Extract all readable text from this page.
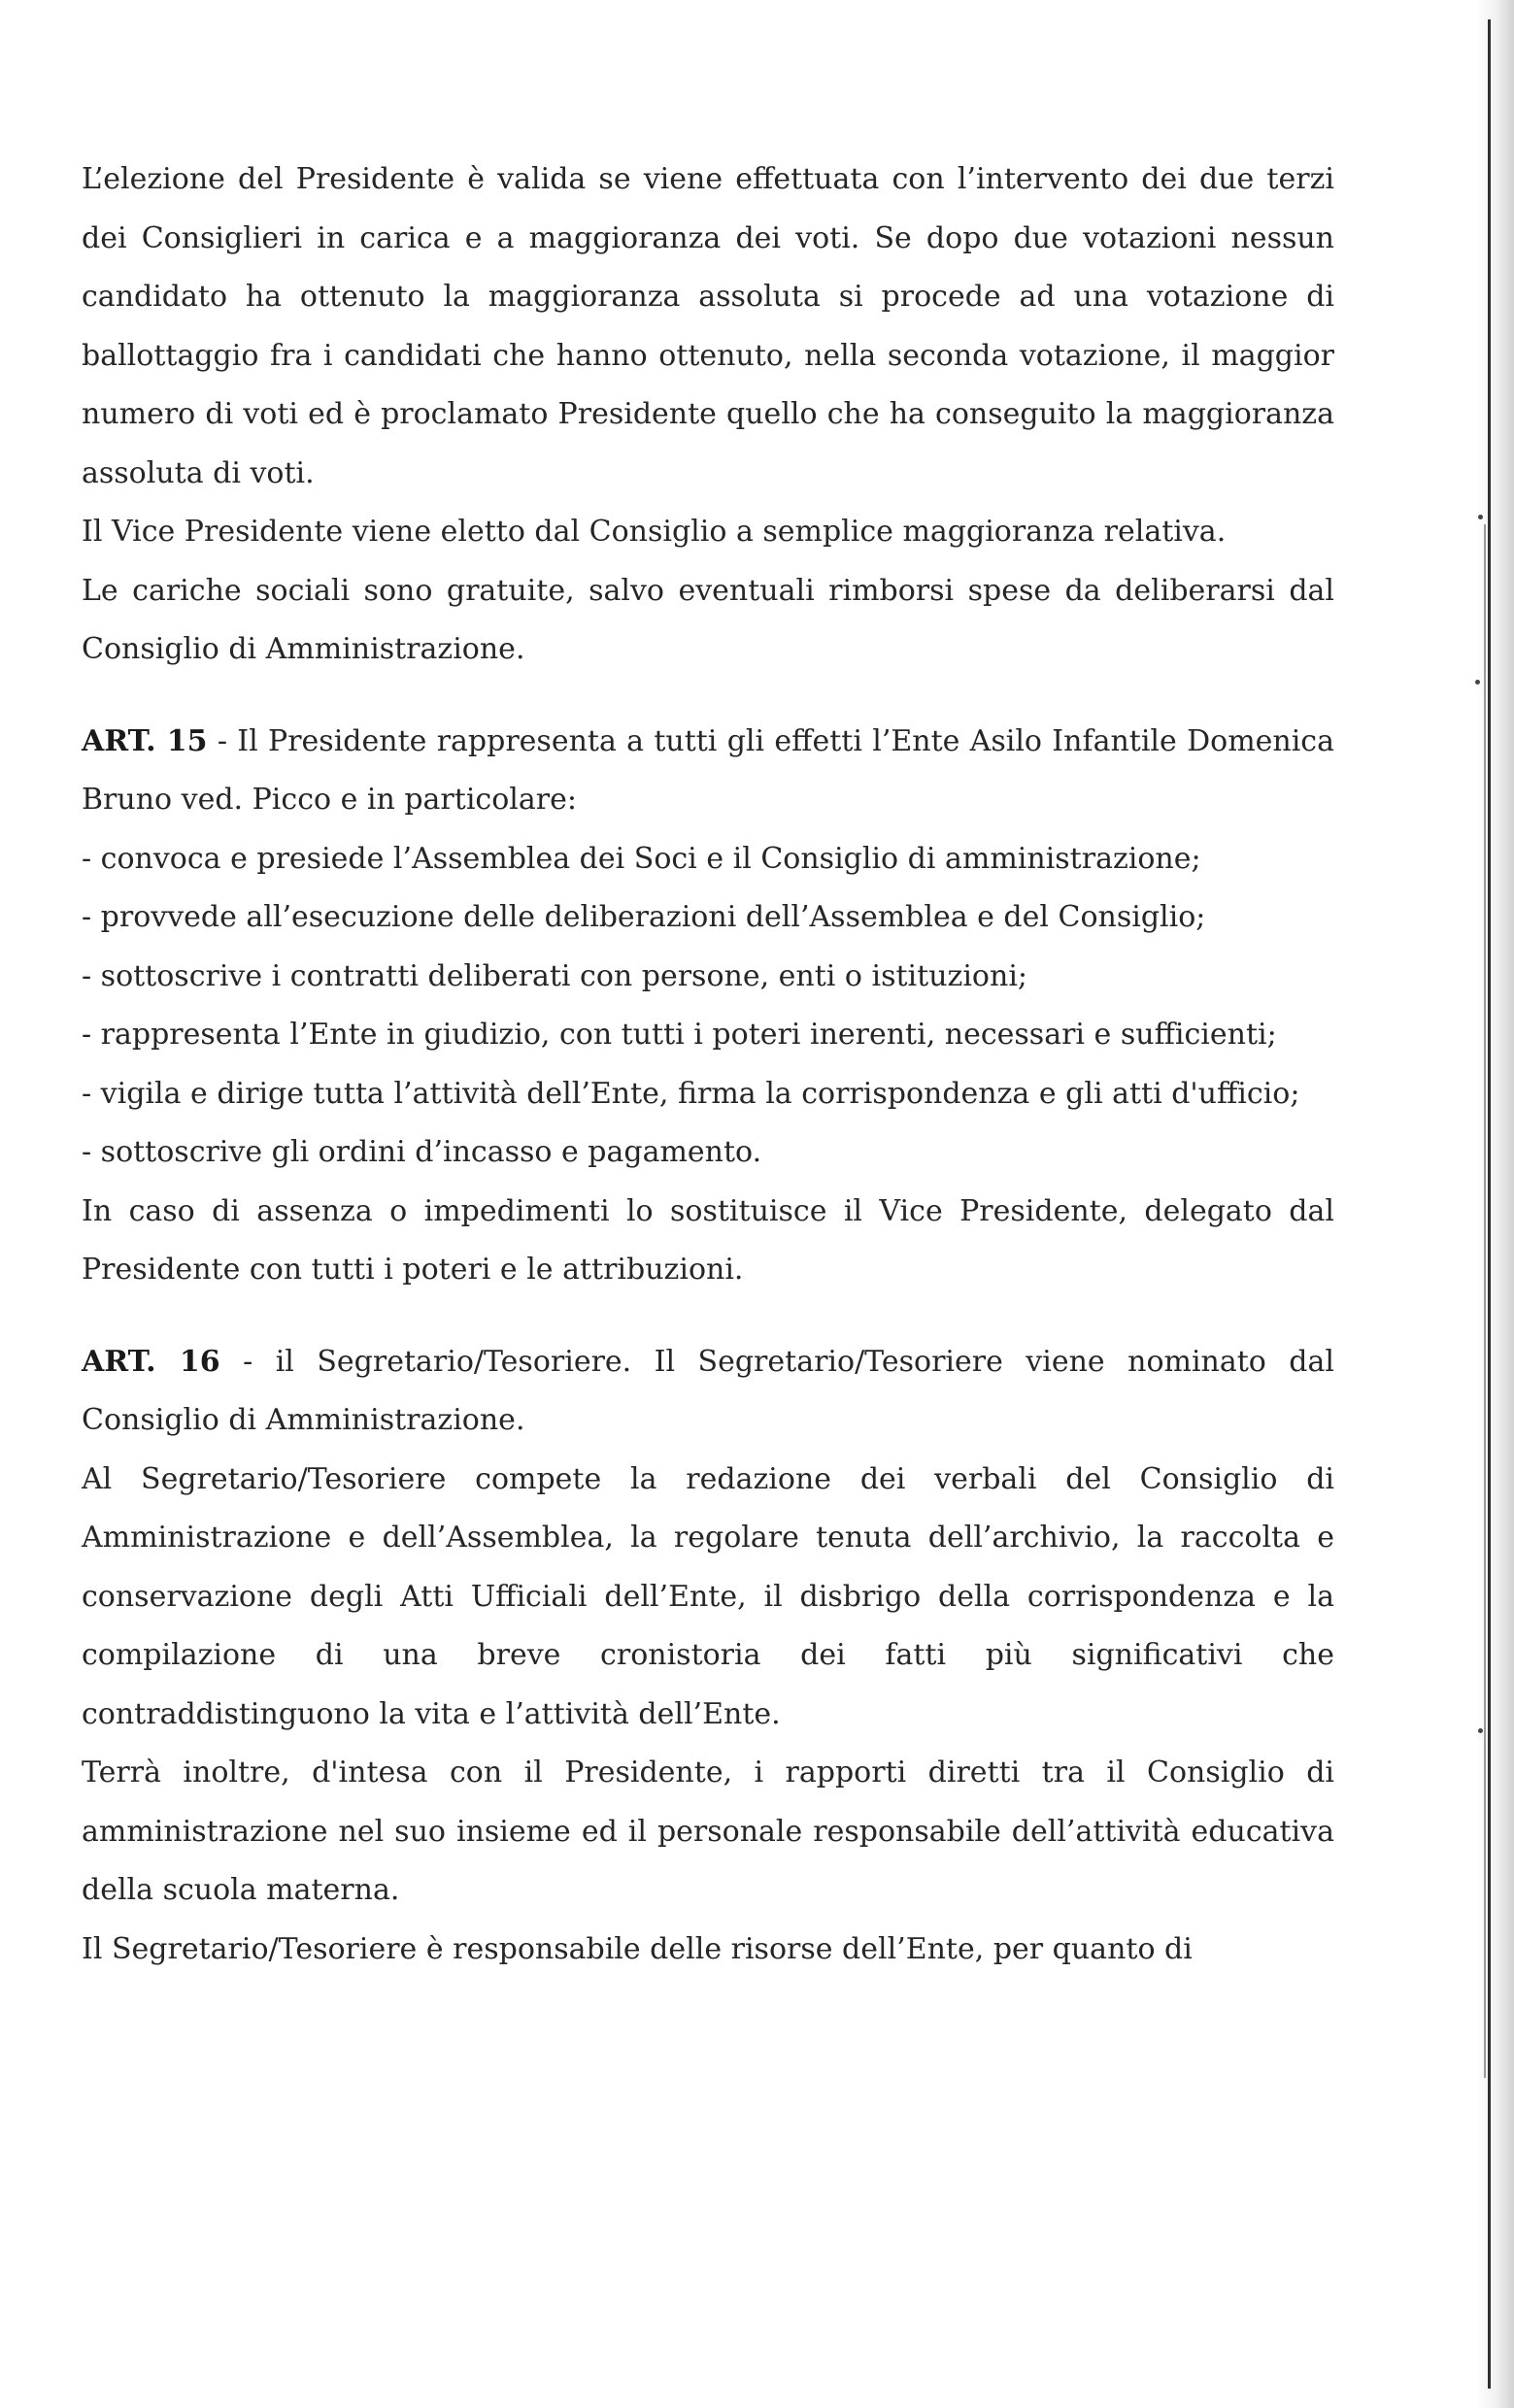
L’elezione del Presidente è valida se viene effettuata con l’intervento dei due terzi dei Consiglieri in carica e a maggioranza dei voti. Se dopo due votazioni nessun candidato ha ottenuto la maggioranza assoluta si procede ad una votazione di ballottaggio fra i candidati che hanno ottenuto, nella seconda votazione, il maggior numero di voti ed è proclamato Presidente quello che ha conseguito la maggioranza assoluta di voti.

Il Vice Presidente viene eletto dal Consiglio a semplice maggioranza relativa.

Le cariche sociali sono gratuite, salvo eventuali rimborsi spese da deliberarsi dal Consiglio di Amministrazione.

ART. 15 - Il Presidente rappresenta a tutti gli effetti l’Ente Asilo Infantile Domenica Bruno ved. Picco e in particolare:

- convoca e presiede l’Assemblea dei Soci e il Consiglio di amministrazione;

- provvede all’esecuzione delle deliberazioni dell’Assemblea e del Consiglio;

- sottoscrive i contratti deliberati con persone, enti o istituzioni;

- rappresenta l’Ente in giudizio, con tutti i poteri inerenti, necessari e sufficienti;

- vigila e dirige tutta l’attività dell’Ente, firma la corrispondenza e gli atti d'ufficio;

- sottoscrive gli ordini d’incasso e pagamento.

In caso di assenza o impedimenti lo sostituisce il Vice Presidente, delegato dal Presidente con tutti i poteri e le attribuzioni.

ART. 16 - il Segretario/Tesoriere. Il Segretario/Tesoriere viene nominato dal Consiglio di Amministrazione.

Al Segretario/Tesoriere compete la redazione dei verbali del Consiglio di Amministrazione e dell’Assemblea, la regolare tenuta dell’archivio, la raccolta e conservazione degli Atti Ufficiali dell’Ente, il disbrigo della corrispondenza e la compilazione di una breve cronistoria dei fatti più significativi che contraddistinguono la vita e l’attività dell’Ente.

Terrà inoltre, d'intesa con il Presidente, i rapporti diretti tra il Consiglio di amministrazione nel suo insieme ed il personale responsabile dell’attività educativa della scuola materna.

Il Segretario/Tesoriere è responsabile delle risorse dell’Ente, per quanto di
